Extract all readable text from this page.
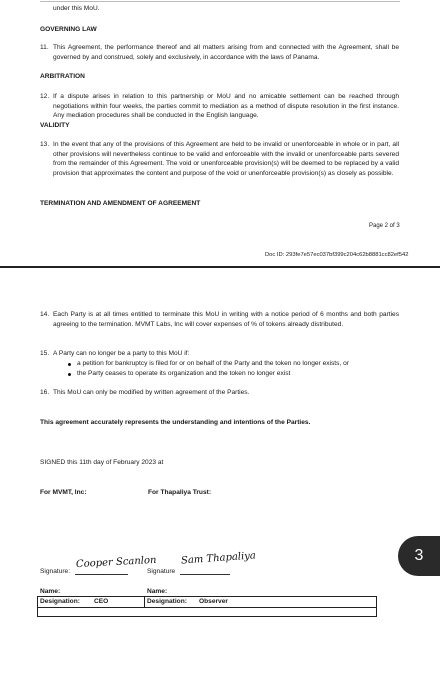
under this MoU.
GOVERNING LAW
11. This Agreement, the performance thereof and all matters arising from and connected with the Agreement, shall be governed by and construed, solely and exclusively, in accordance with the laws of Panama.
ARBITRATION
12. If a dispute arises in relation to this partnership or MoU and no amicable settlement can be reached through negotiations within four weeks, the parties commit to mediation as a method of dispute resolution in the first instance. Any mediation procedures shall be conducted in the English language.
VALIDITY
13. In the event that any of the provisions of this Agreement are held to be invalid or unenforceable in whole or in part, all other provisions will nevertheless continue to be valid and enforceable with the invalid or unenforceable parts severed from the remainder of this Agreement. The void or unenforceable provision(s) will be deemed to be replaced by a valid provision that approximates the content and purpose of the void or unenforceable provision(s) as closely as possible.
TERMINATION AND AMENDMENT OF AGREEMENT
Page 2 of 3
Doc ID: 293fe7e57ec037bf399c204c62b8881cc82ef542
14. Each Party is at all times entitled to terminate this MoU in writing with a notice period of 6 months and both parties agreeing to the termination. MVMT Labs, Inc will cover expenses of % of tokens already distributed.
15. A Party can no longer be a party to this MoU if:
a petition for bankruptcy is filed for or on behalf of the Party and the token no longer exists, or
the Party ceases to operate its organization and the token no longer exist
16. This MoU can only be modified by written agreement of the Parties.
This agreement accurately represents the understanding and intentions of the Parties.
SIGNED this 11th day of February 2023 at
For MVMT, Inc:	For Thapaliya Trust:
Signature:
Cooper Scanlon
Signature
Sam Thapaliya
Name:	Name:
Designation: CEO	Designation: Observer
3
